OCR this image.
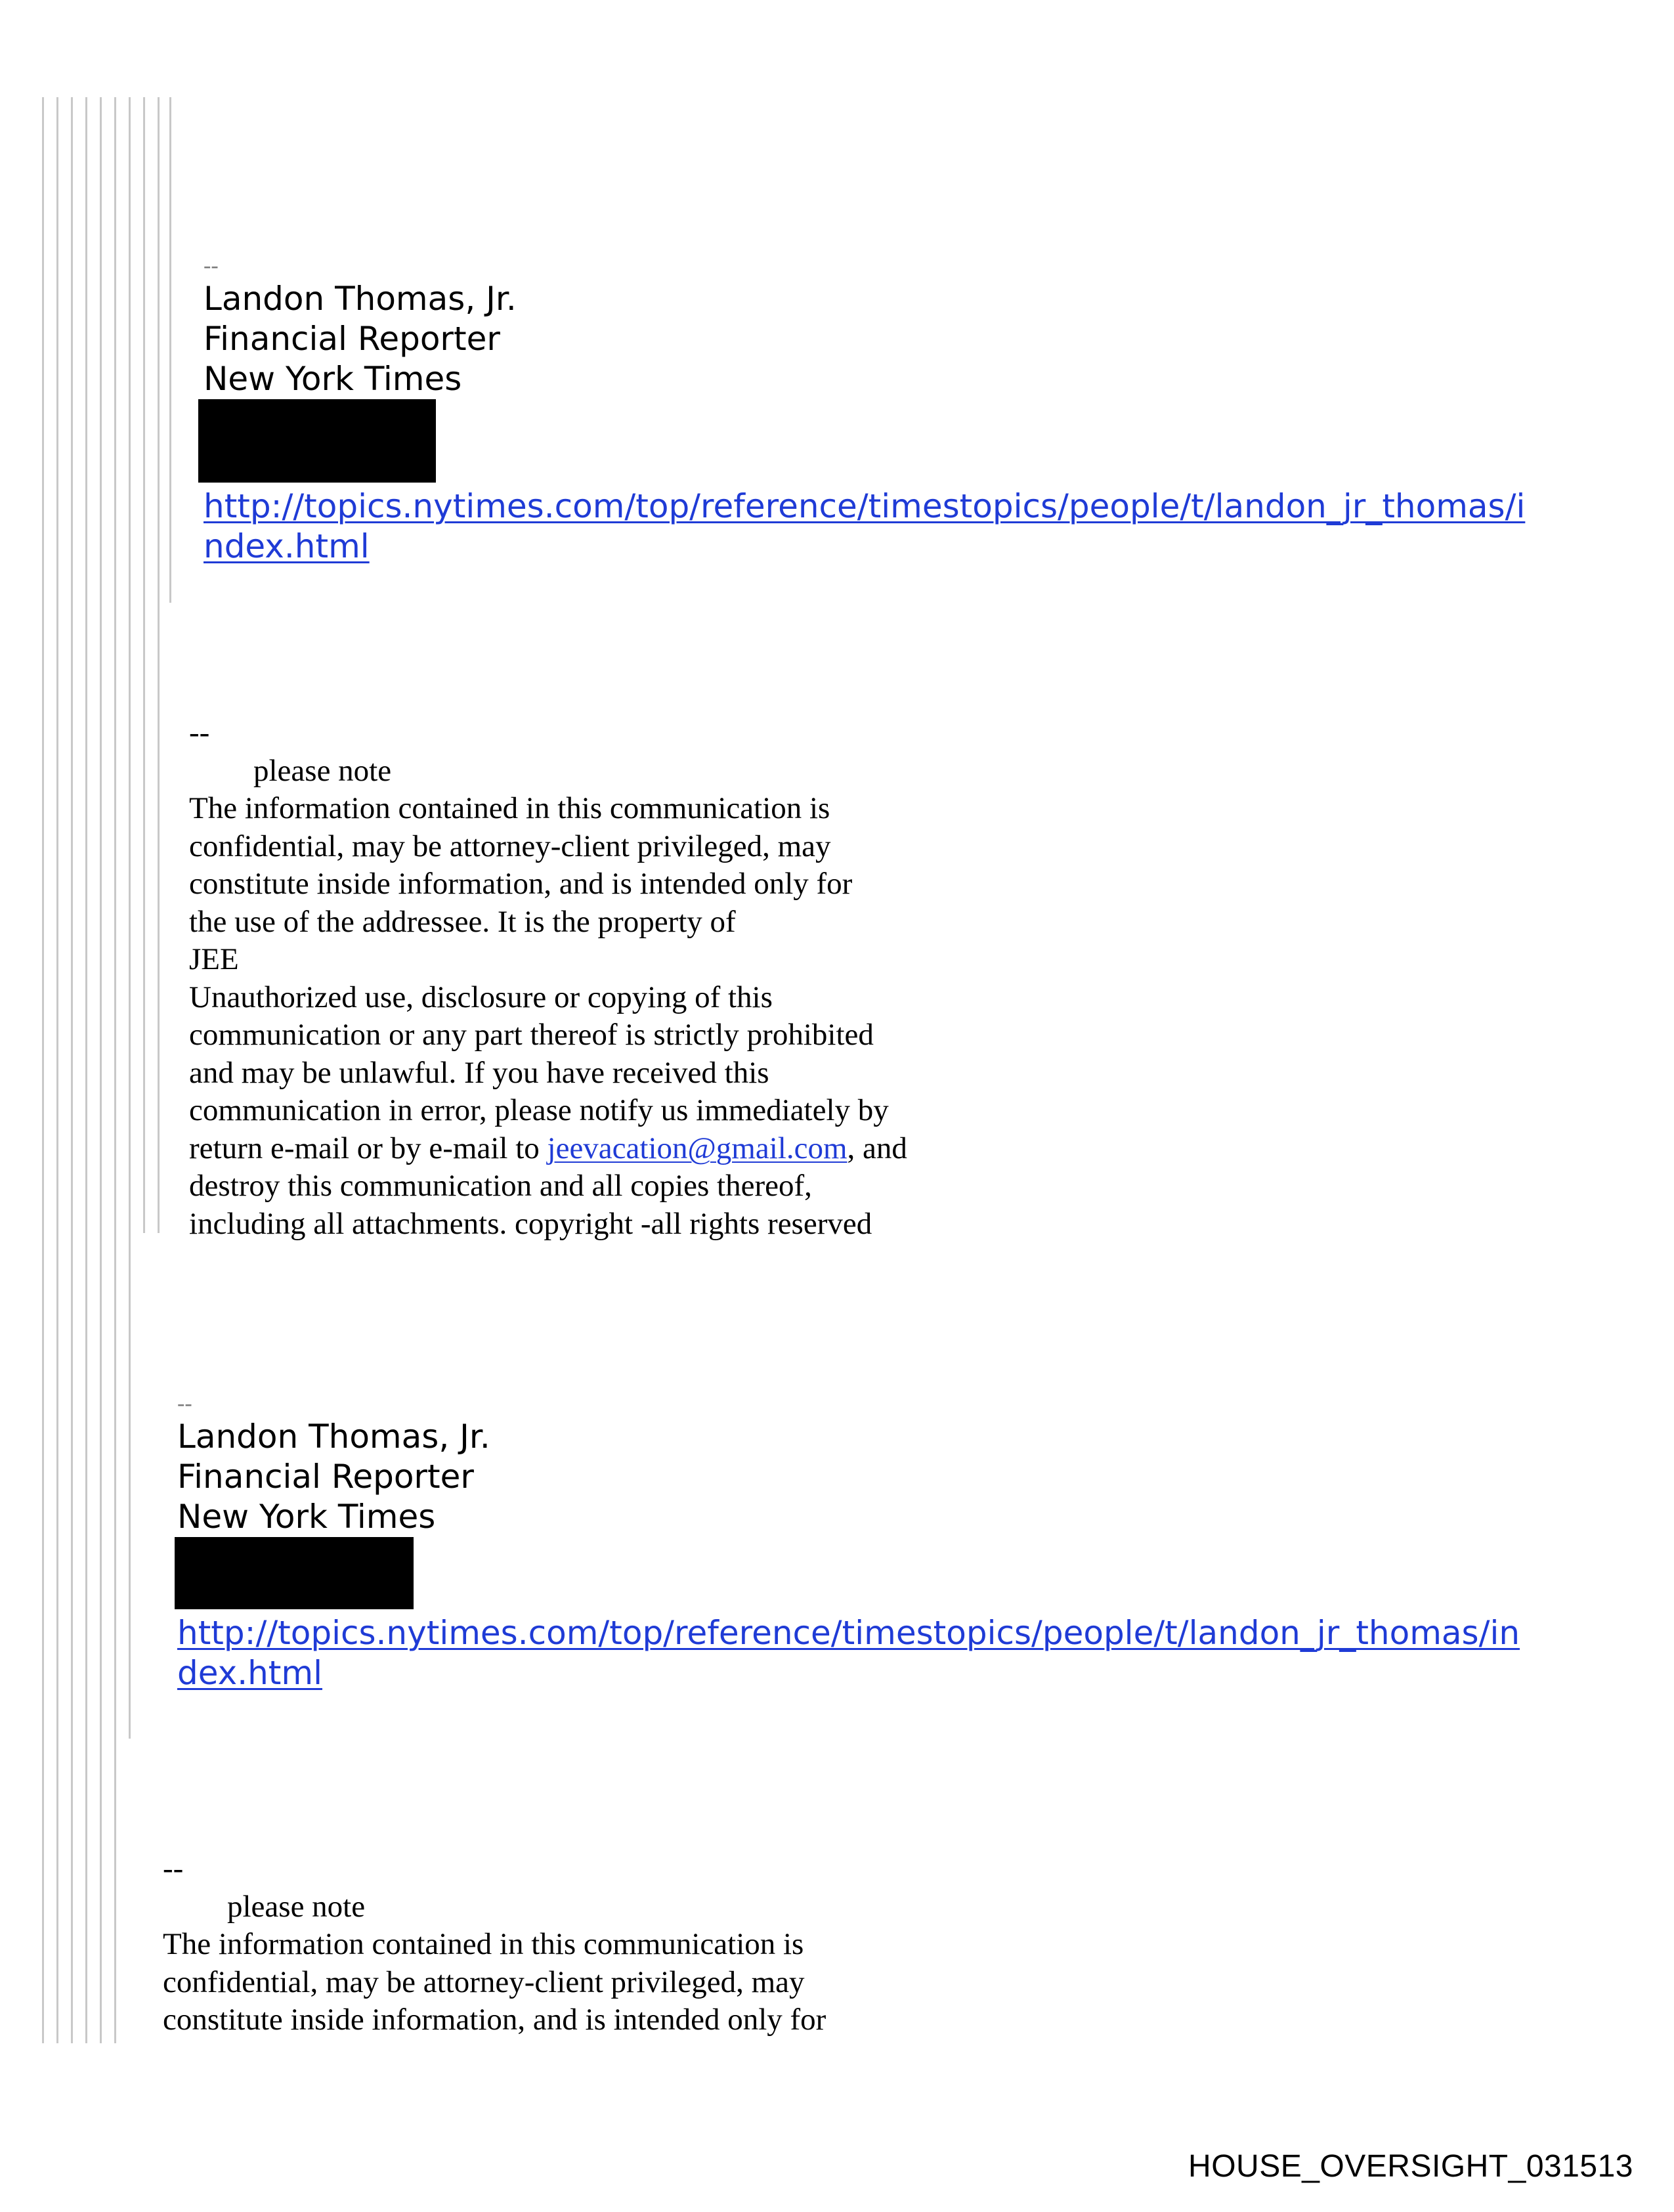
--
Landon Thomas, Jr.
Financial Reporter
New York Times
http://topics.nytimes.com/top/reference/timestopics/people/t/landon_jr_thomas/i
ndex.html
--
please note
The information contained in this communication is
confidential, may be attorney-client privileged, may
constitute inside information, and is intended only for
the use of the addressee. It is the property of
JEE
Unauthorized use, disclosure or copying of this
communication or any part thereof is strictly prohibited
and may be unlawful. If you have received this
communication in error, please notify us immediately by
return e-mail or by e-mail to jeevacation@gmail.com, and
destroy this communication and all copies thereof,
including all attachments. copyright -all rights reserved
--
Landon Thomas, Jr.
Financial Reporter
New York Times
http://topics.nytimes.com/top/reference/timestopics/people/t/landon_jr_thomas/in
dex.html
--
please note
The information contained in this communication is
confidential, may be attorney-client privileged, may
constitute inside information, and is intended only for
HOUSE_OVERSIGHT_031513
